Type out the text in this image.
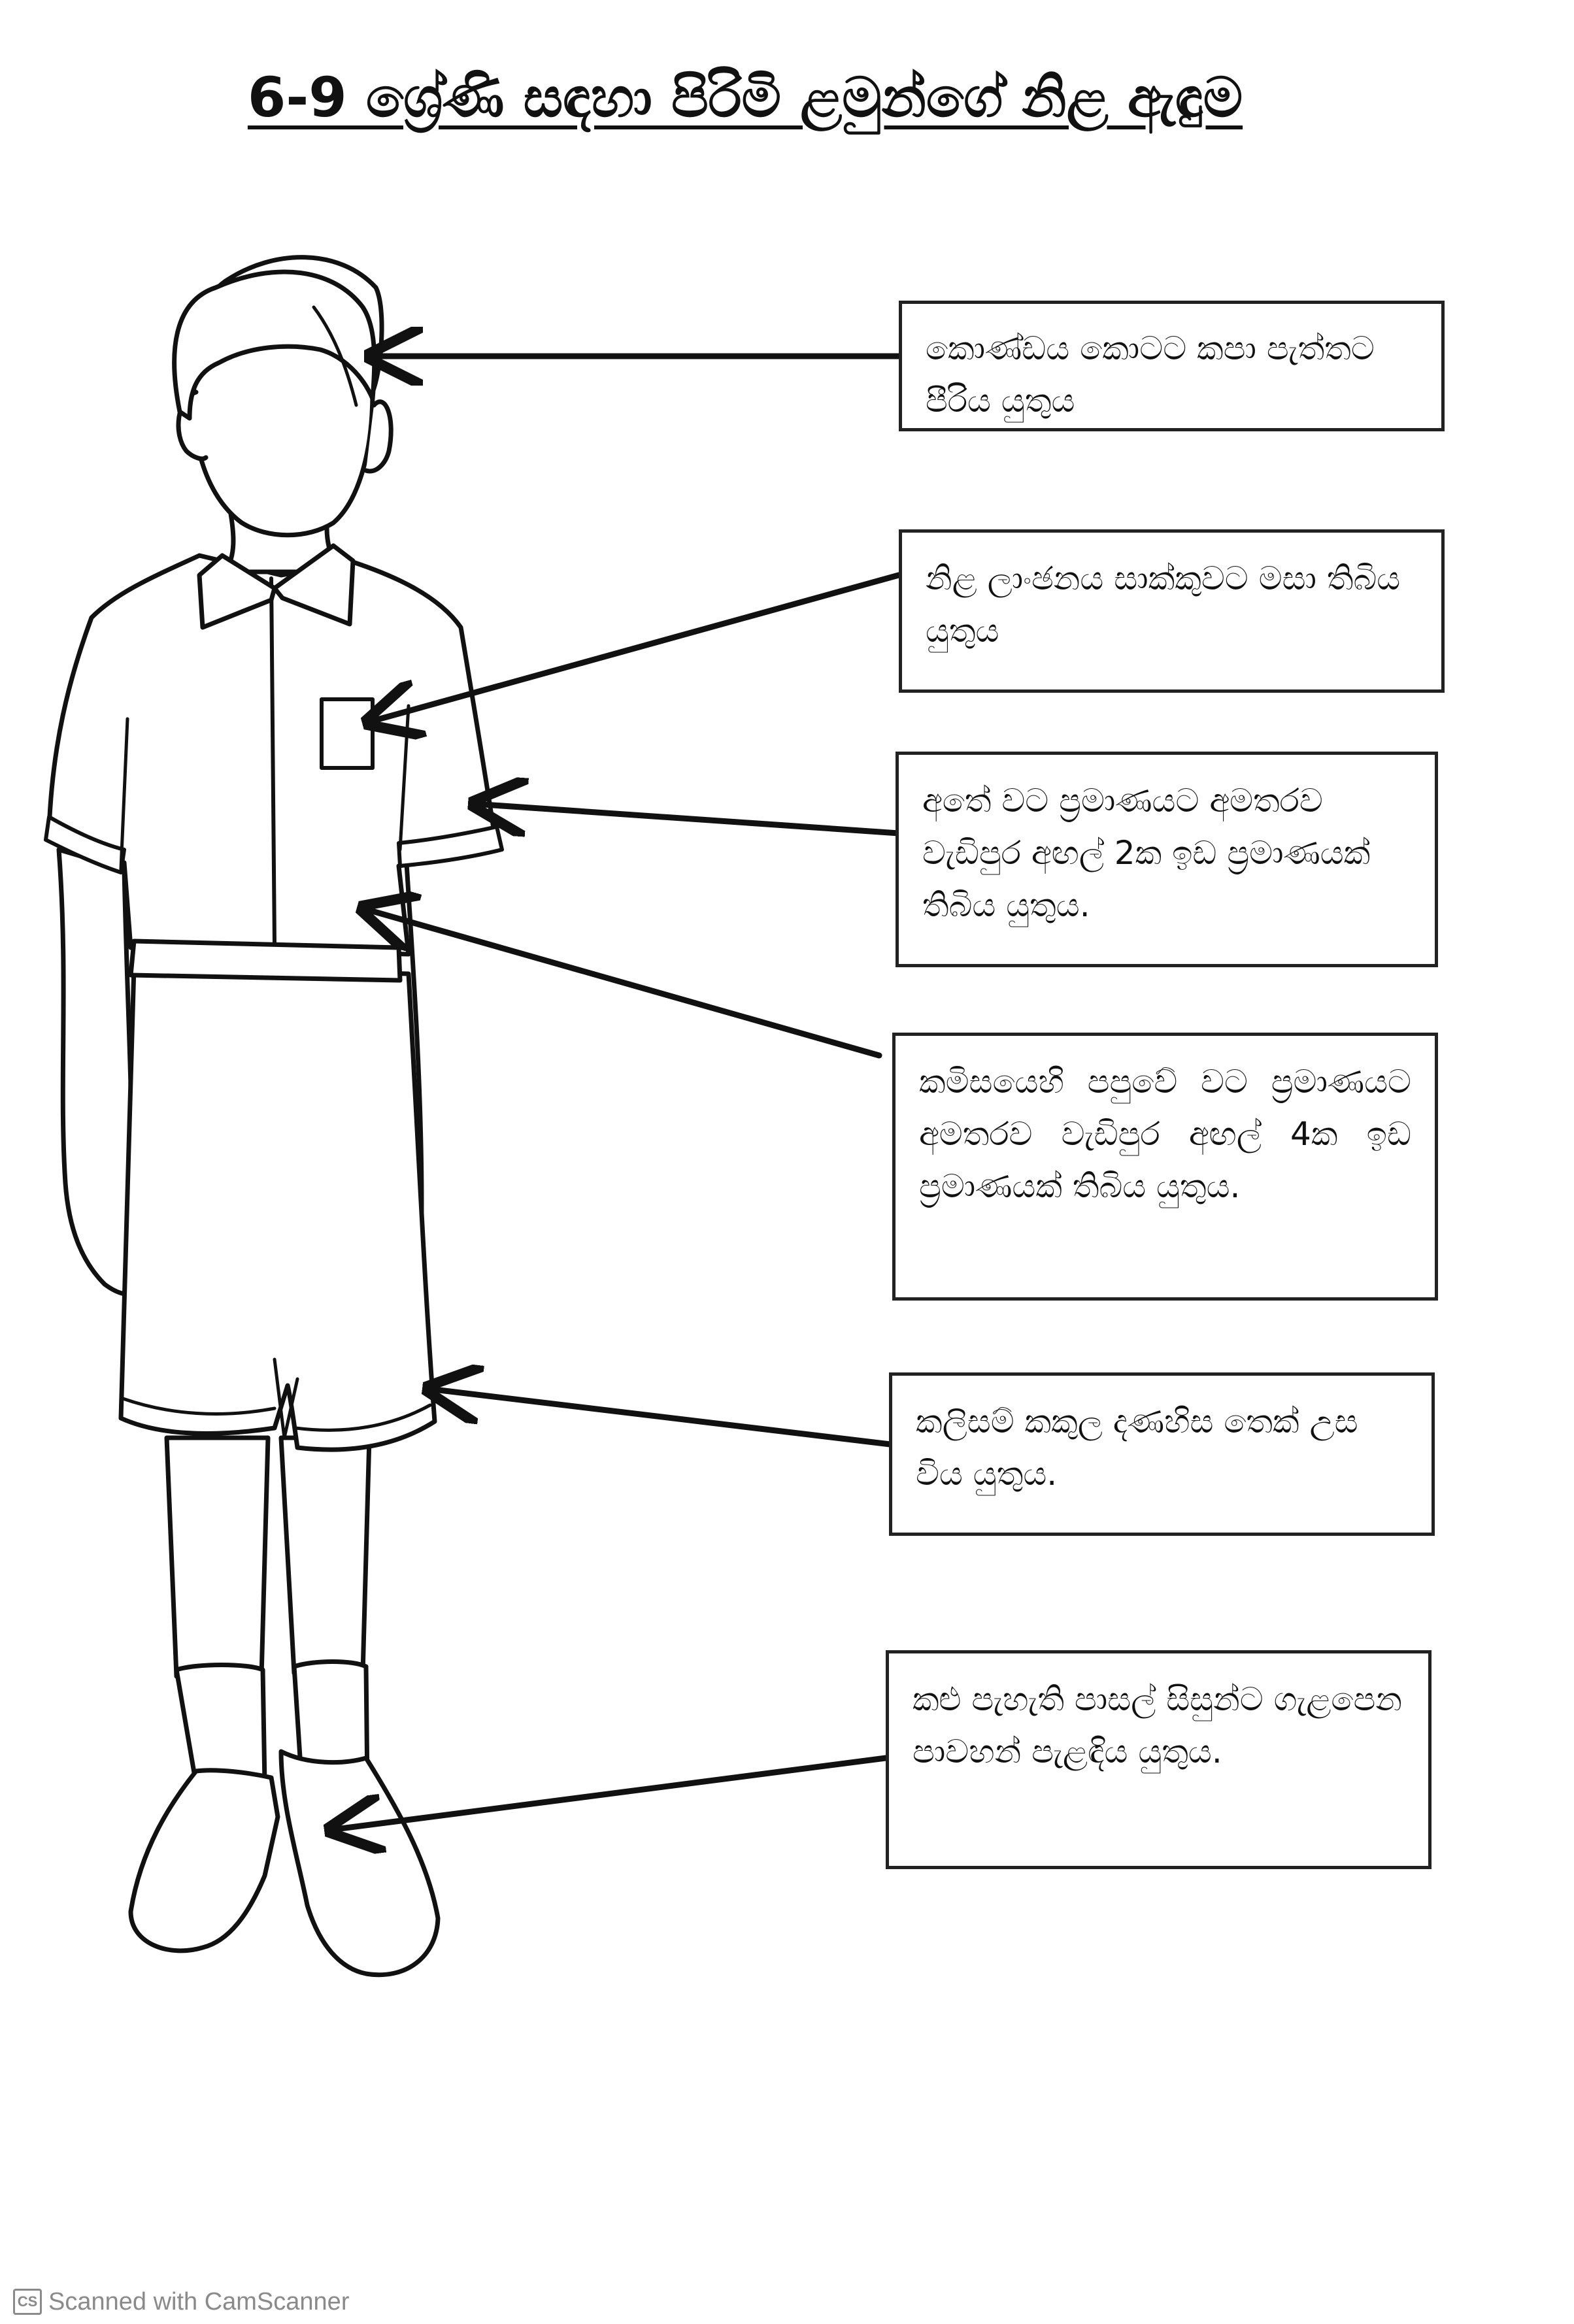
6-9 ශ්‍රේණි සඳහා පිරිමි ළමුන්ගේ නිළ ඇඳුම
කොණ්ඩය කොටට කපා පැත්තට පීරිය යුතුය
නිළ ලාංඡනය සාක්කුවට මසා තිබිය යුතුය
අතේ වට ප්‍රමාණයට අමතරව වැඩිපුර අඟල් 2ක ඉඩ ප්‍රමාණයක් තිබිය යුතුය.
කමිසයෙහි පපුවේ වට ප්‍රමාණයට අමතරව වැඩිපුර අඟල් 4ක ඉඩ ප්‍රමාණයක් තිබිය යුතුය.
කලිසම් කකුල දණහිස තෙක් උස විය යුතුය.
කළු පැහැති පාසල් සිසුන්ට ගැළපෙන පාවහන් පැළඳිය යුතුය.
CS Scanned with CamScanner
